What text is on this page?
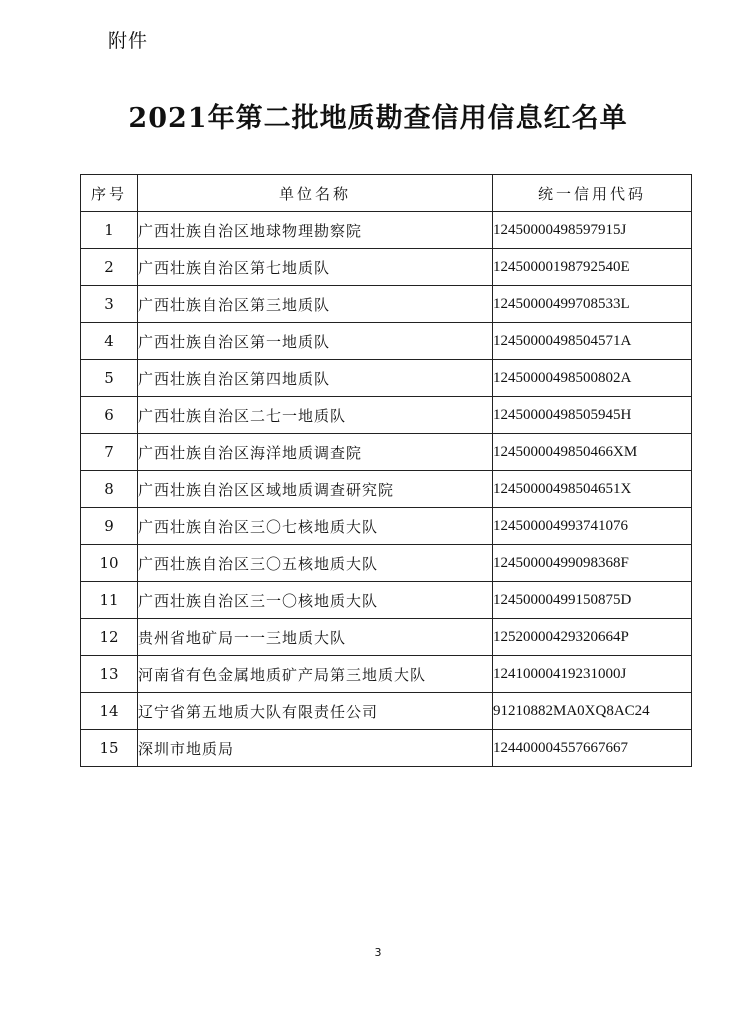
附件
2021年第二批地质勘查信用信息红名单
序号	单位名称	统一信用代码
1	广西壮族自治区地球物理勘察院	12450000498597915J
2	广西壮族自治区第七地质队	12450000198792540E
3	广西壮族自治区第三地质队	12450000499708533L
4	广西壮族自治区第一地质队	12450000498504571A
5	广西壮族自治区第四地质队	12450000498500802A
6	广西壮族自治区二七一地质队	12450000498505945H
7	广西壮族自治区海洋地质调查院	1245000049850466XM
8	广西壮族自治区区域地质调查研究院	12450000498504651X
9	广西壮族自治区三〇七核地质大队	124500004993741076
10	广西壮族自治区三〇五核地质大队	12450000499098368F
11	广西壮族自治区三一〇核地质大队	12450000499150875D
12	贵州省地矿局一一三地质大队	12520000429320664P
13	河南省有色金属地质矿产局第三地质大队	12410000419231000J
14	辽宁省第五地质大队有限责任公司	91210882MA0XQ8AC24
15	深圳市地质局	124400004557667667
3
